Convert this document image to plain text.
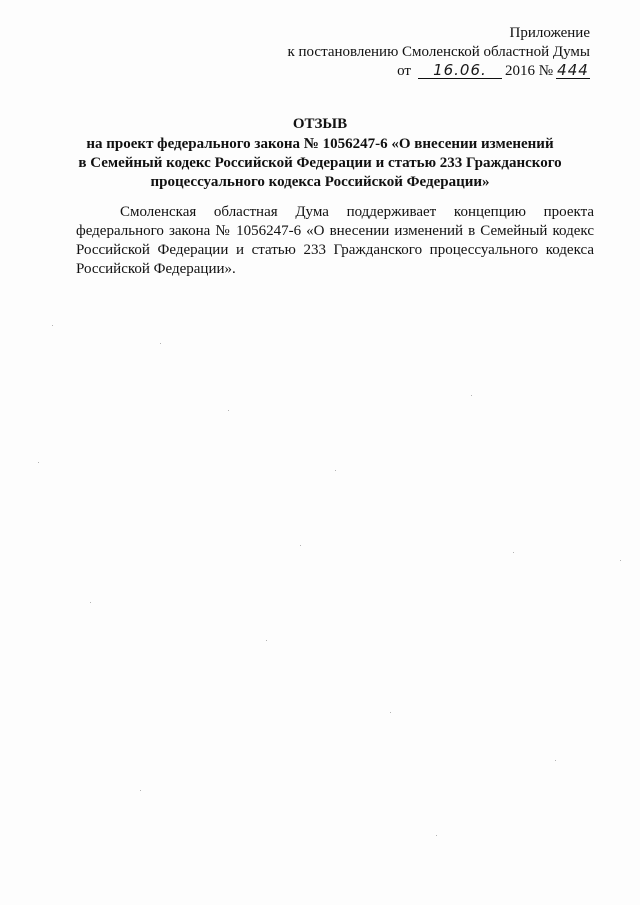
Приложение
к постановлению Смоленской областной Думы
от	16.06.	2016 № 444
ОТЗЫВ
на проект федерального закона № 1056247-6 «О внесении изменений
в Семейный кодекс Российской Федерации и статью 233 Гражданского
процессуального кодекса Российской Федерации»
Смоленская областная Дума поддерживает концепцию проекта федерального закона № 1056247-6 «О внесении изменений в Семейный кодекс Российской Федерации и статью 233 Гражданского процессуального кодекса Российской Федерации».
